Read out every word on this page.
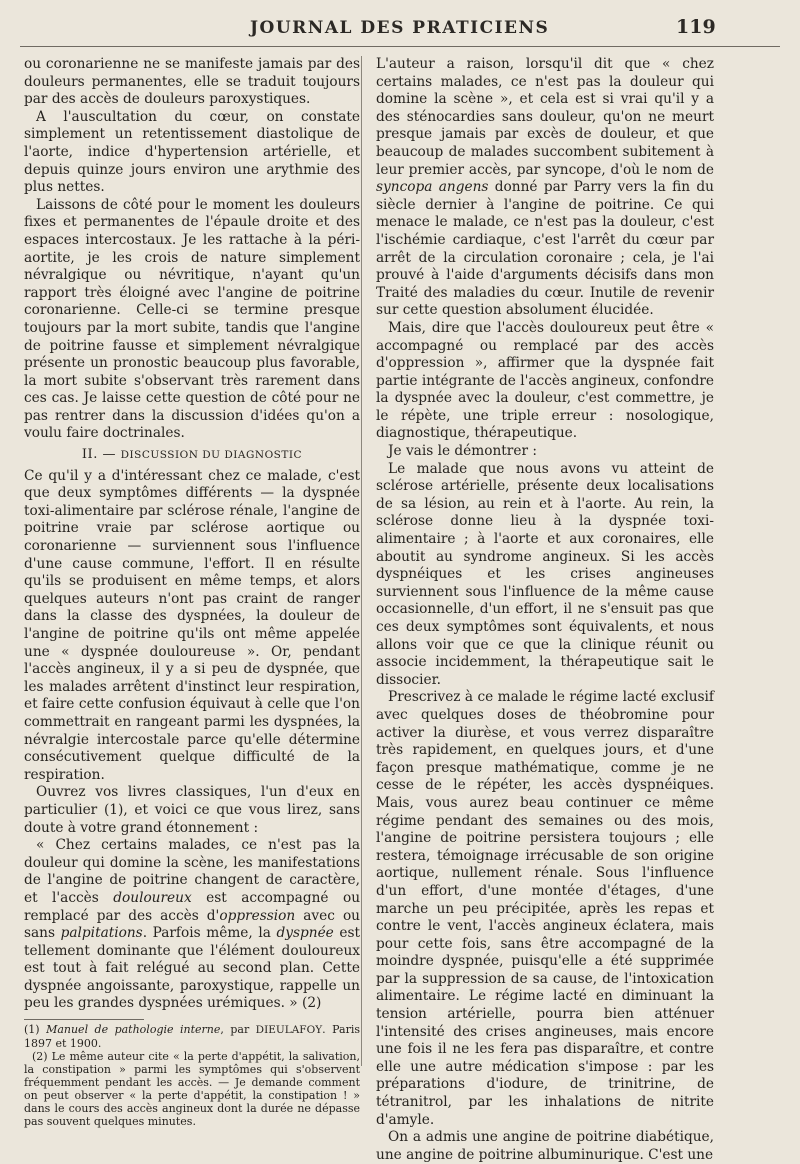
JOURNAL DES PRATICIENS	119

ou coronarienne ne se manifeste jamais par des douleurs permanentes, elle se traduit toujours par des accès de douleurs paroxystiques.

A l'auscultation du cœur, on constate simplement un retentissement diastolique de l'aorte, indice d'hypertension artérielle, et depuis quinze jours environ une arythmie des plus nettes.

Laissons de côté pour le moment les douleurs fixes et permanentes de l'épaule droite et des espaces intercostaux. Je les rattache à la péri-aortite, je les crois de nature simplement névralgique ou névritique, n'ayant qu'un rapport très éloigné avec l'angine de poitrine coronarienne. Celle-ci se termine presque toujours par la mort subite, tandis que l'angine de poitrine fausse et simplement névralgique présente un pronostic beaucoup plus favorable, la mort subite s'observant très rarement dans ces cas. Je laisse cette question de côté pour ne pas rentrer dans la discussion d'idées qu'on a voulu faire doctrinales.

II. — DISCUSSION DU DIAGNOSTIC

Ce qu'il y a d'intéressant chez ce malade, c'est que deux symptômes différents — la dyspnée toxi-alimentaire par sclérose rénale, l'angine de poitrine vraie par sclérose aortique ou coronarienne — surviennent sous l'influence d'une cause commune, l'effort. Il en résulte qu'ils se produisent en même temps, et alors quelques auteurs n'ont pas craint de ranger dans la classe des dyspnées, la douleur de l'angine de poitrine qu'ils ont même appelée une « dyspnée douloureuse ». Or, pendant l'accès angineux, il y a si peu de dyspnée, que les malades arrêtent d'instinct leur respiration, et faire cette confusion équivaut à celle que l'on commettrait en rangeant parmi les dyspnées, la névralgie intercostale parce qu'elle détermine consécutivement quelque difficulté de la respiration.

Ouvrez vos livres classiques, l'un d'eux en particulier (1), et voici ce que vous lirez, sans doute à votre grand étonnement :

« Chez certains malades, ce n'est pas la douleur qui domine la scène, les manifestations de l'angine de poitrine changent de caractère, et l'accès douloureux est accompagné ou remplacé par des accès d'oppression avec ou sans palpitations. Parfois même, la dyspnée est tellement dominante que l'élément douloureux est tout à fait relégué au second plan. Cette dyspnée angoissante, paroxystique, rappelle un peu les grandes dyspnées urémiques. » (2)

(1) Manuel de pathologie interne, par DIEULAFOY. Paris 1897 et 1900.
(2) Le même auteur cite « la perte d'appétit, la salivation, la constipation » parmi les symptômes qui s'observent fréquemment pendant les accès. — Je demande comment on peut observer « la perte d'appétit, la constipation ! » dans le cours des accès angineux dont la durée ne dépasse pas souvent quelques minutes.

L'auteur a raison, lorsqu'il dit que « chez certains malades, ce n'est pas la douleur qui domine la scène », et cela est si vrai qu'il y a des sténocardies sans douleur, qu'on ne meurt presque jamais par excès de douleur, et que beaucoup de malades succombent subitement à leur premier accès, par syncope, d'où le nom de syncopa angens donné par Parry vers la fin du siècle dernier à l'angine de poitrine. Ce qui menace le malade, ce n'est pas la douleur, c'est l'ischémie cardiaque, c'est l'arrêt du cœur par arrêt de la circulation coronaire ; cela, je l'ai prouvé à l'aide d'arguments décisifs dans mon Traité des maladies du cœur. Inutile de revenir sur cette question absolument élucidée.

Mais, dire que l'accès douloureux peut être « accompagné ou remplacé par des accès d'oppression », affirmer que la dyspnée fait partie intégrante de l'accès angineux, confondre la dyspnée avec la douleur, c'est commettre, je le répète, une triple erreur : nosologique, diagnostique, thérapeutique.

Je vais le démontrer :

Le malade que nous avons vu atteint de sclérose artérielle, présente deux localisations de sa lésion, au rein et à l'aorte. Au rein, la sclérose donne lieu à la dyspnée toxi-alimentaire ; à l'aorte et aux coronaires, elle aboutit au syndrome angineux. Si les accès dyspnéiques et les crises angineuses surviennent sous l'influence de la même cause occasionnelle, d'un effort, il ne s'ensuit pas que ces deux symptômes sont équivalents, et nous allons voir que ce que la clinique réunit ou associe incidemment, la thérapeutique sait le dissocier.

Prescrivez à ce malade le régime lacté exclusif avec quelques doses de théobromine pour activer la diurèse, et vous verrez disparaître très rapidement, en quelques jours, et d'une façon presque mathématique, comme je ne cesse de le répéter, les accès dyspnéiques. Mais, vous aurez beau continuer ce même régime pendant des semaines ou des mois, l'angine de poitrine persistera toujours ; elle restera, témoignage irrécusable de son origine aortique, nullement rénale. Sous l'influence d'un effort, d'une montée d'étages, d'une marche un peu précipitée, après les repas et contre le vent, l'accès angineux éclatera, mais pour cette fois, sans être accompagné de la moindre dyspnée, puisqu'elle a été supprimée par la suppression de sa cause, de l'intoxication alimentaire. Le régime lacté en diminuant la tension artérielle, pourra bien atténuer l'intensité des crises angineuses, mais encore une fois il ne les fera pas disparaître, et contre elle une autre médication s'impose : par les préparations d'iodure, de trinitrine, de tétranitrol, par les inhalations de nitrite d'amyle.

On a admis une angine de poitrine diabétique, une angine de poitrine albuminurique. C'est une
